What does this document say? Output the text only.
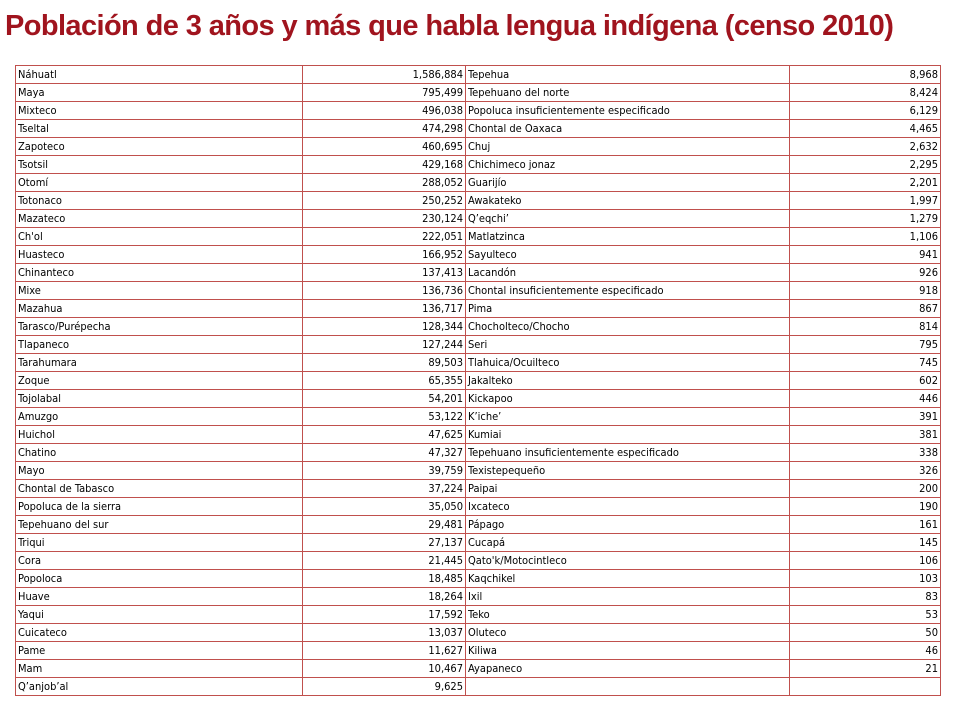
Población de 3 años y más que habla lengua indígena (censo 2010)
Náhuatl	1,586,884	Tepehua	8,968
Maya	795,499	Tepehuano del norte	8,424
Mixteco	496,038	Popoluca insuficientemente especificado	6,129
Tseltal	474,298	Chontal de Oaxaca	4,465
Zapoteco	460,695	Chuj	2,632
Tsotsil	429,168	Chichimeco jonaz	2,295
Otomí	288,052	Guarijío	2,201
Totonaco	250,252	Awakateko	1,997
Mazateco	230,124	Q’eqchi’	1,279
Ch'ol	222,051	Matlatzinca	1,106
Huasteco	166,952	Sayulteco	941
Chinanteco	137,413	Lacandón	926
Mixe	136,736	Chontal insuficientemente especificado	918
Mazahua	136,717	Pima	867
Tarasco/Purépecha	128,344	Chocholteco/Chocho	814
Tlapaneco	127,244	Seri	795
Tarahumara	89,503	Tlahuica/Ocuilteco	745
Zoque	65,355	Jakalteko	602
Tojolabal	54,201	Kickapoo	446
Amuzgo	53,122	K’iche’	391
Huichol	47,625	Kumiai	381
Chatino	47,327	Tepehuano insuficientemente especificado	338
Mayo	39,759	Texistepequeño	326
Chontal de Tabasco	37,224	Paipai	200
Popoluca de la sierra	35,050	Ixcateco	190
Tepehuano del sur	29,481	Pápago	161
Triqui	27,137	Cucapá	145
Cora	21,445	Qato'k/Motocintleco	106
Popoloca	18,485	Kaqchikel	103
Huave	18,264	Ixil	83
Yaqui	17,592	Teko	53
Cuicateco	13,037	Oluteco	50
Pame	11,627	Kiliwa	46
Mam	10,467	Ayapaneco	21
Q’anjob’al	9,625		
